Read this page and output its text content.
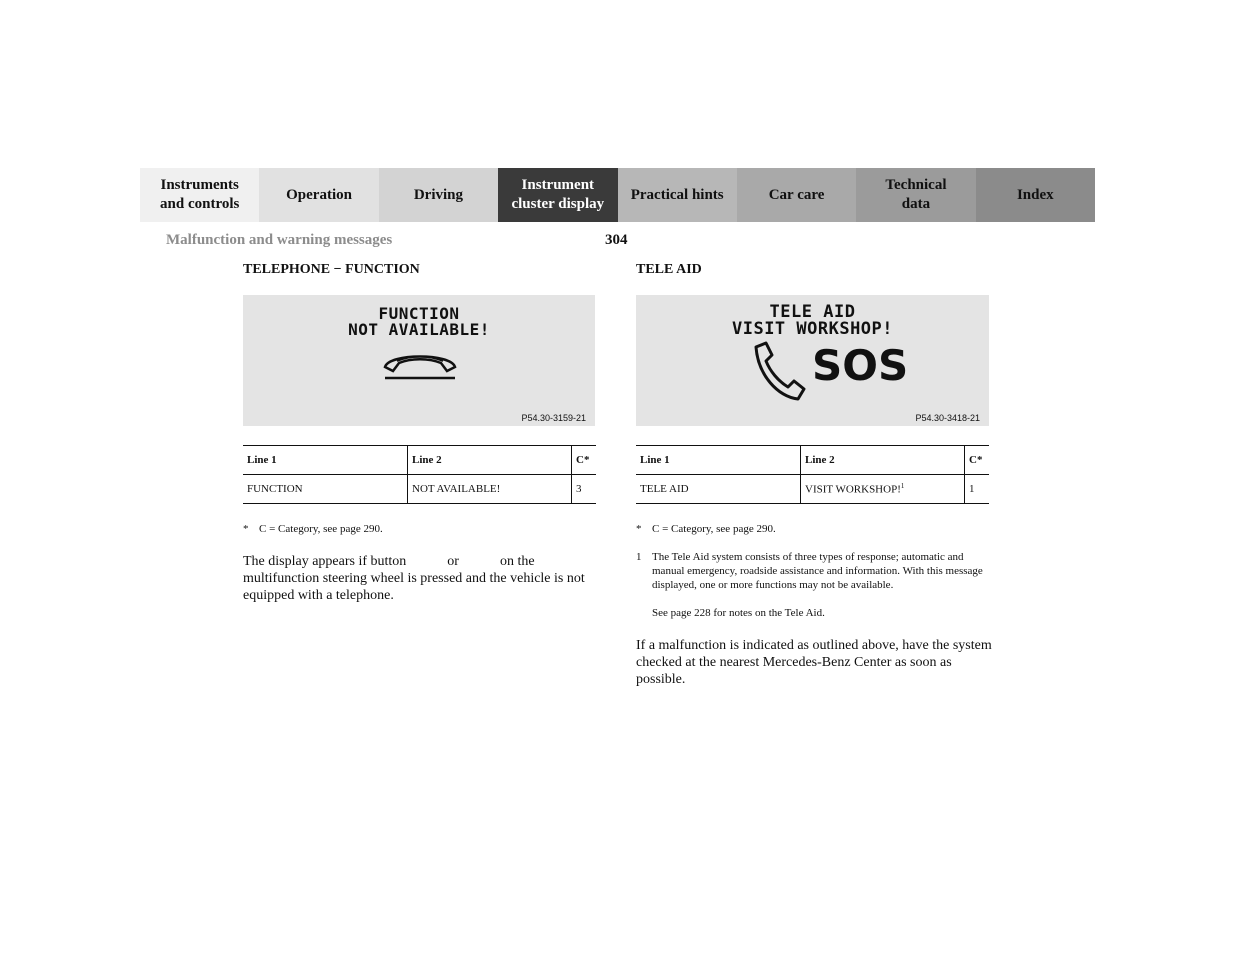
Instruments
and controls
Operation	Driving
Instrument
cluster display
Practical hints	Car care
Technical
data
Index
Malfunction and warning messages	304
TELEPHONE − FUNCTION
FUNCTION
NOT AVAILABLE!
P54.30-3159-21
Line 1	Line 2	C*
FUNCTION	NOT AVAILABLE!	3
* C = Category, see page 290.

The display appears if button	or	on the multifunction steering wheel is pressed and the vehicle is not equipped with a telephone.

TELE AID
TELE AID
VISIT WORKSHOP!
SOS
P54.30-3418-21
Line 1	Line 2	C*
TELE AID	VISIT WORKSHOP!$^1$	1
* C = Category, see page 290.
1 The Tele Aid system consists of three types of response; automatic and manual emergency, roadside assistance and information. With this message displayed, one or more functions may not be available.
See page 228 for notes on the Tele Aid.

If a malfunction is indicated as outlined above, have the system checked at the nearest Mercedes-Benz Center as soon as possible.
